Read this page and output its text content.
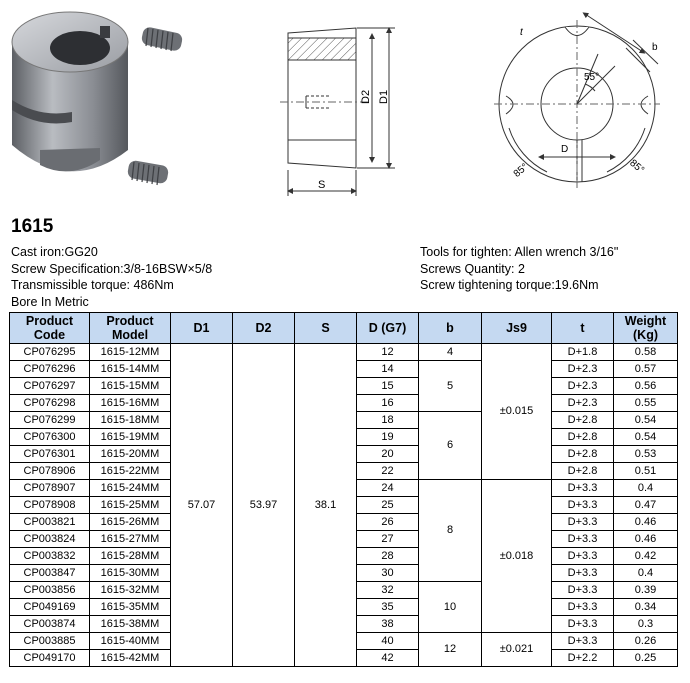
D2 D1
S
t
b
55°
D
85°	85°
1615
Cast iron:GG20
Screw Specification:3/8-16BSW×5/8
Transmissible torque: 486Nm
Bore In Metric
Tools for tighten: Allen wrench 3/16"
Screws Quantity: 2
Screw tightening torque:19.6Nm
Product Code	Product Model	D1	D2	S	D (G7)	b	Js9	t	Weight (Kg)
CP076295	1615-12MM	57.07	53.97	38.1	12	4	±0.015	D+1.8	0.58
CP076296	1615-14MM				14	5		D+2.3	0.57
CP076297	1615-15MM				15			D+2.3	0.56
CP076298	1615-16MM				16			D+2.3	0.55
CP076299	1615-18MM				18	6		D+2.8	0.54
CP076300	1615-19MM				19			D+2.8	0.54
CP076301	1615-20MM				20			D+2.8	0.53
CP078906	1615-22MM				22			D+2.8	0.51
CP078907	1615-24MM				24	8	±0.018	D+3.3	0.4
CP078908	1615-25MM				25			D+3.3	0.47
CP003821	1615-26MM				26			D+3.3	0.46
CP003824	1615-27MM				27			D+3.3	0.46
CP003832	1615-28MM				28			D+3.3	0.42
CP003847	1615-30MM				30			D+3.3	0.4
CP003856	1615-32MM				32	10		D+3.3	0.39
CP049169	1615-35MM				35			D+3.3	0.34
CP003874	1615-38MM				38			D+3.3	0.3
CP003885	1615-40MM				40	12	±0.021	D+3.3	0.26
CP049170	1615-42MM				42			D+2.2	0.25
